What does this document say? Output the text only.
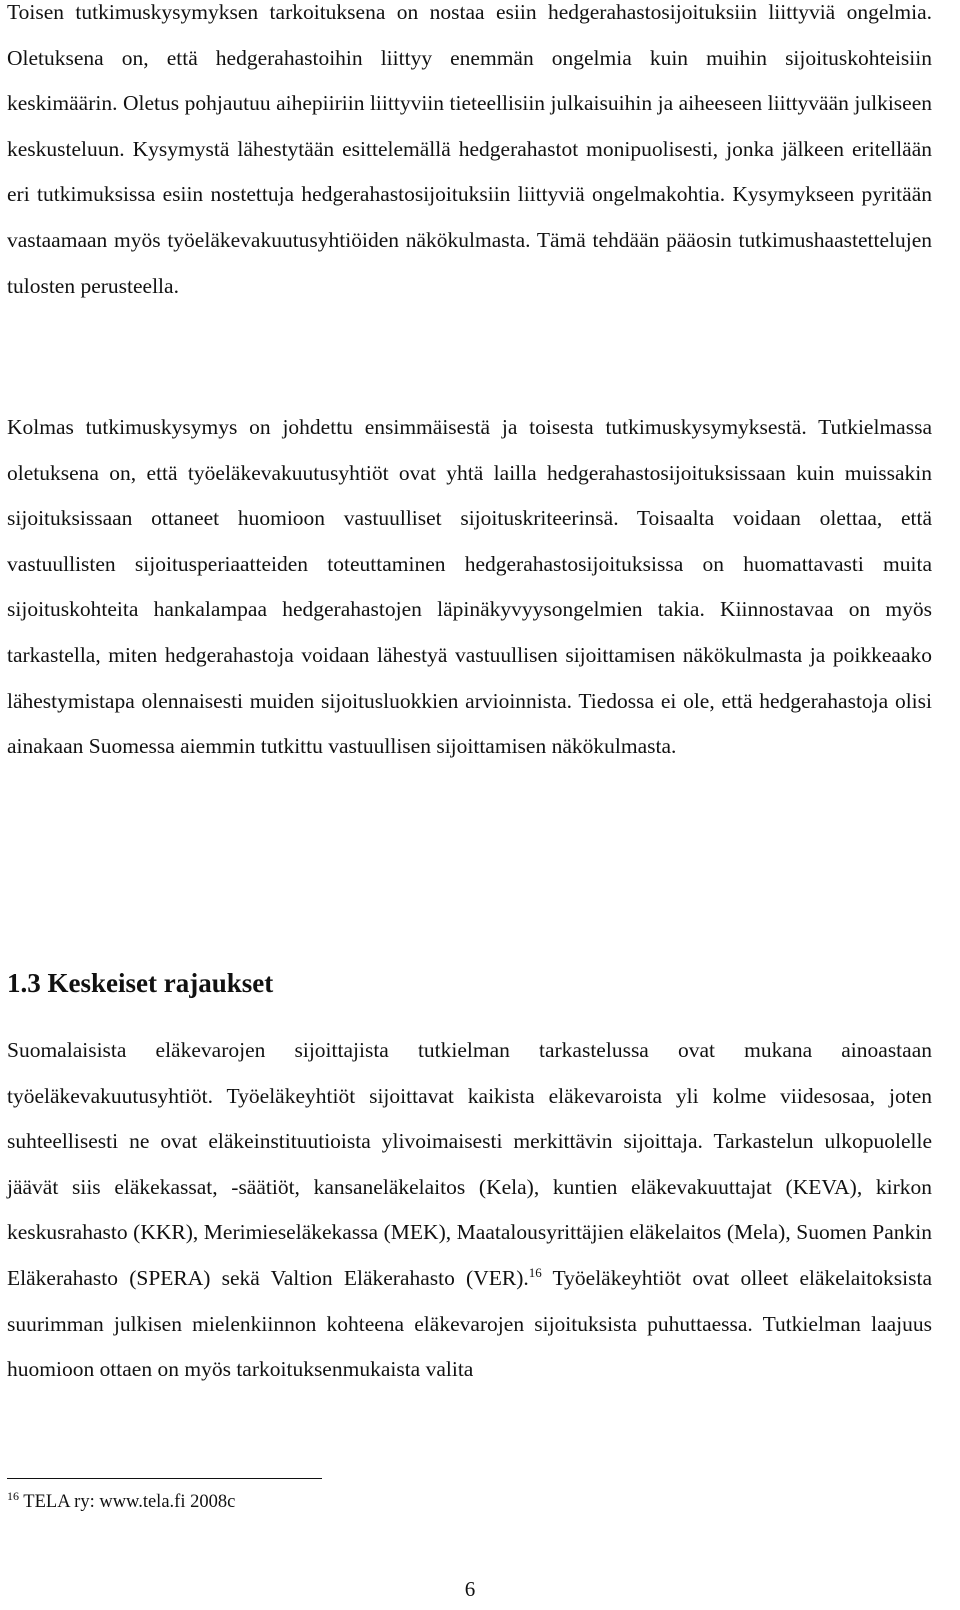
Toisen tutkimuskysymyksen tarkoituksena on nostaa esiin hedgerahastosijoituksiin liittyviä ongelmia. Oletuksena on, että hedgerahastoihin liittyy enemmän ongelmia kuin muihin sijoituskohteisiin keskimäärin. Oletus pohjautuu aihepiiriin liittyviin tieteellisiin julkaisuihin ja aiheeseen liittyvään julkiseen keskusteluun. Kysymystä lähestytään esittelemällä hedgerahastot monipuolisesti, jonka jälkeen eritellään eri tutkimuksissa esiin nostettuja hedgerahastosijoituksiin liittyviä ongelmakohtia. Kysymykseen pyritään vastaamaan myös työeläkevakuutusyhtiöiden näkökulmasta. Tämä tehdään pääosin tutkimushaastettelujen tulosten perusteella.

Kolmas tutkimuskysymys on johdettu ensimmäisestä ja toisesta tutkimuskysymyksestä. Tutkielmassa oletuksena on, että työeläkevakuutusyhtiöt ovat yhtä lailla hedgerahastosijoituksissaan kuin muissakin sijoituksissaan ottaneet huomioon vastuulliset sijoituskriteerinsä. Toisaalta voidaan olettaa, että vastuullisten sijoitusperiaatteiden toteuttaminen hedgerahastosijoituksissa on huomattavasti muita sijoituskohteita hankalampaa hedgerahastojen läpinäkyvyysongelmien takia. Kiinnostavaa on myös tarkastella, miten hedgerahastoja voidaan lähestyä vastuullisen sijoittamisen näkökulmasta ja poikkeaako lähestymistapa olennaisesti muiden sijoitusluokkien arvioinnista. Tiedossa ei ole, että hedgerahastoja olisi ainakaan Suomessa aiemmin tutkittu vastuullisen sijoittamisen näkökulmasta.

1.3 Keskeiset rajaukset

Suomalaisista eläkevarojen sijoittajista tutkielman tarkastelussa ovat mukana ainoastaan työeläkevakuutusyhtiöt. Työeläkeyhtiöt sijoittavat kaikista eläkevaroista yli kolme viidesosaa, joten suhteellisesti ne ovat eläkeinstituutioista ylivoimaisesti merkittävin sijoittaja. Tarkastelun ulkopuolelle jäävät siis eläkekassat, -säätiöt, kansaneläkelaitos (Kela), kuntien eläkevakuuttajat (KEVA), kirkon keskusrahasto (KKR), Merimieseläkekassa (MEK), Maatalousyrittäjien eläkelaitos (Mela), Suomen Pankin Eläkerahasto (SPERA) sekä Valtion Eläkerahasto (VER).$^{16}$ Työeläkeyhtiöt ovat olleet eläkelaitoksista suurimman julkisen mielenkiinnon kohteena eläkevarojen sijoituksista puhuttaessa. Tutkielman laajuus huomioon ottaen on myös tarkoituksenmukaista valita

$^{16}$ TELA ry: www.tela.fi 2008c

6
